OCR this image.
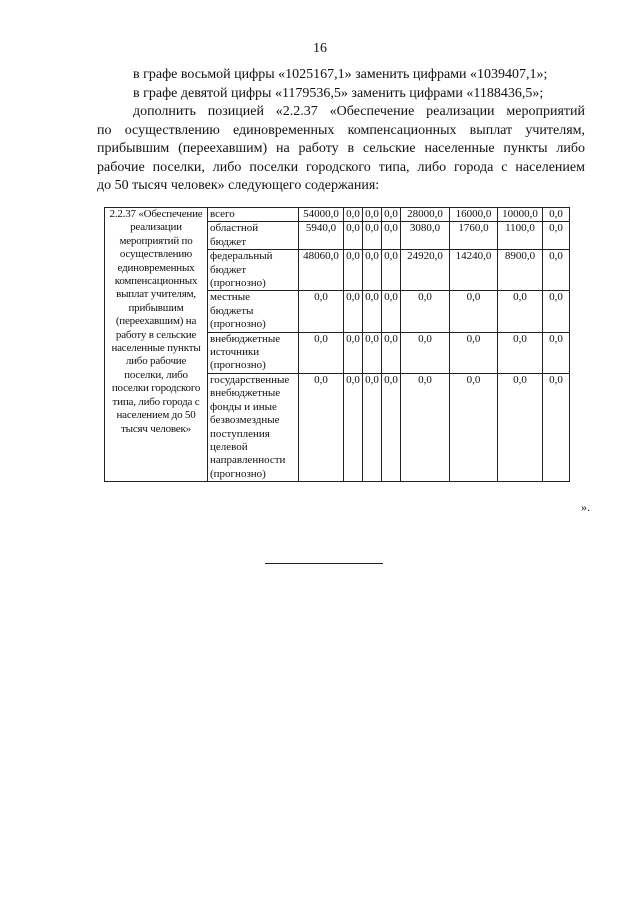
16
в графе восьмой цифры «1025167,1» заменить цифрами «1039407,1»;
в графе девятой цифры «1179536,5» заменить цифрами «1188436,5»;
дополнить позицией «2.2.37 «Обеспечение реализации мероприятий
по осуществлению единовременных компенсационных выплат учителям,
прибывшим (переехавшим) на работу в сельские населенные пункты либо
рабочие поселки, либо поселки городского типа, либо города с населением
до 50 тысяч человек» следующего содержания:
2.2.37 «Обеспечение реализации мероприятий по осуществлению единовременных компенсационных выплат учителям, прибывшим (переехавшим) на работу в сельские населенные пункты либо рабочие поселки, либо поселки городского типа, либо города с населением до 50 тысяч человек»	всего	54000,0	0,0	0,0	0,0	28000,0	16000,0	10000,0	0,0
	областной бюджет	5940,0	0,0	0,0	0,0	3080,0	1760,0	1100,0	0,0
	федеральный бюджет (прогнозно)	48060,0	0,0	0,0	0,0	24920,0	14240,0	8900,0	0,0
	местные бюджеты (прогнозно)	0,0	0,0	0,0	0,0	0,0	0,0	0,0	0,0
	внебюджетные источники (прогнозно)	0,0	0,0	0,0	0,0	0,0	0,0	0,0	0,0
	государственные внебюджетные фонды и иные безвозмездные поступления целевой направленности (прогнозно)	0,0	0,0	0,0	0,0	0,0	0,0	0,0	0,0
».
